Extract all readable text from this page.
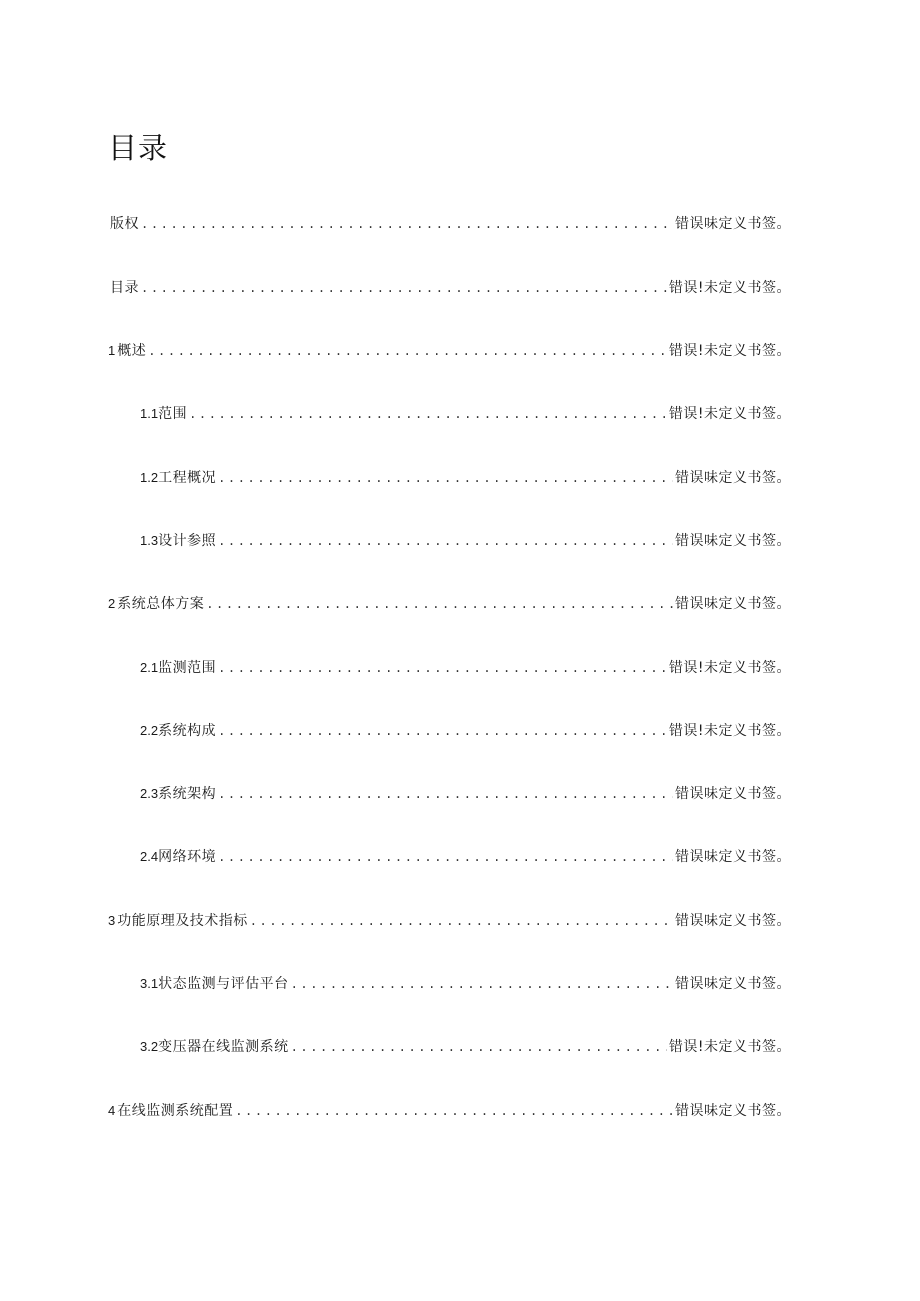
目录
版权 .....	错误味定义书签。
目录 .....	错误!未定义书签。
1 概述 .....	错误!未定义书签。
1.1 范围 .....	错误!未定义书签。
1.2 工程概况 .....	错误味定义书签。
1.3 设计参照 .....	错误味定义书签。
2 系统总体方案 .....	错误味定义书签。
2.1 监测范围 .....	错误!未定义书签。
2.2 系统构成 .....	错误!未定义书签。
2.3 系统架构 .....	错误味定义书签。
2.4 网络环境 .....	错误味定义书签。
3 功能原理及技术指标 .....	错误味定义书签。
3.1 状态监测与评估平台 .....	错误味定义书签。
3.2 变压器在线监测系统 .....	错误!未定义书签。
4 在线监测系统配置 .....	错误味定义书签。
